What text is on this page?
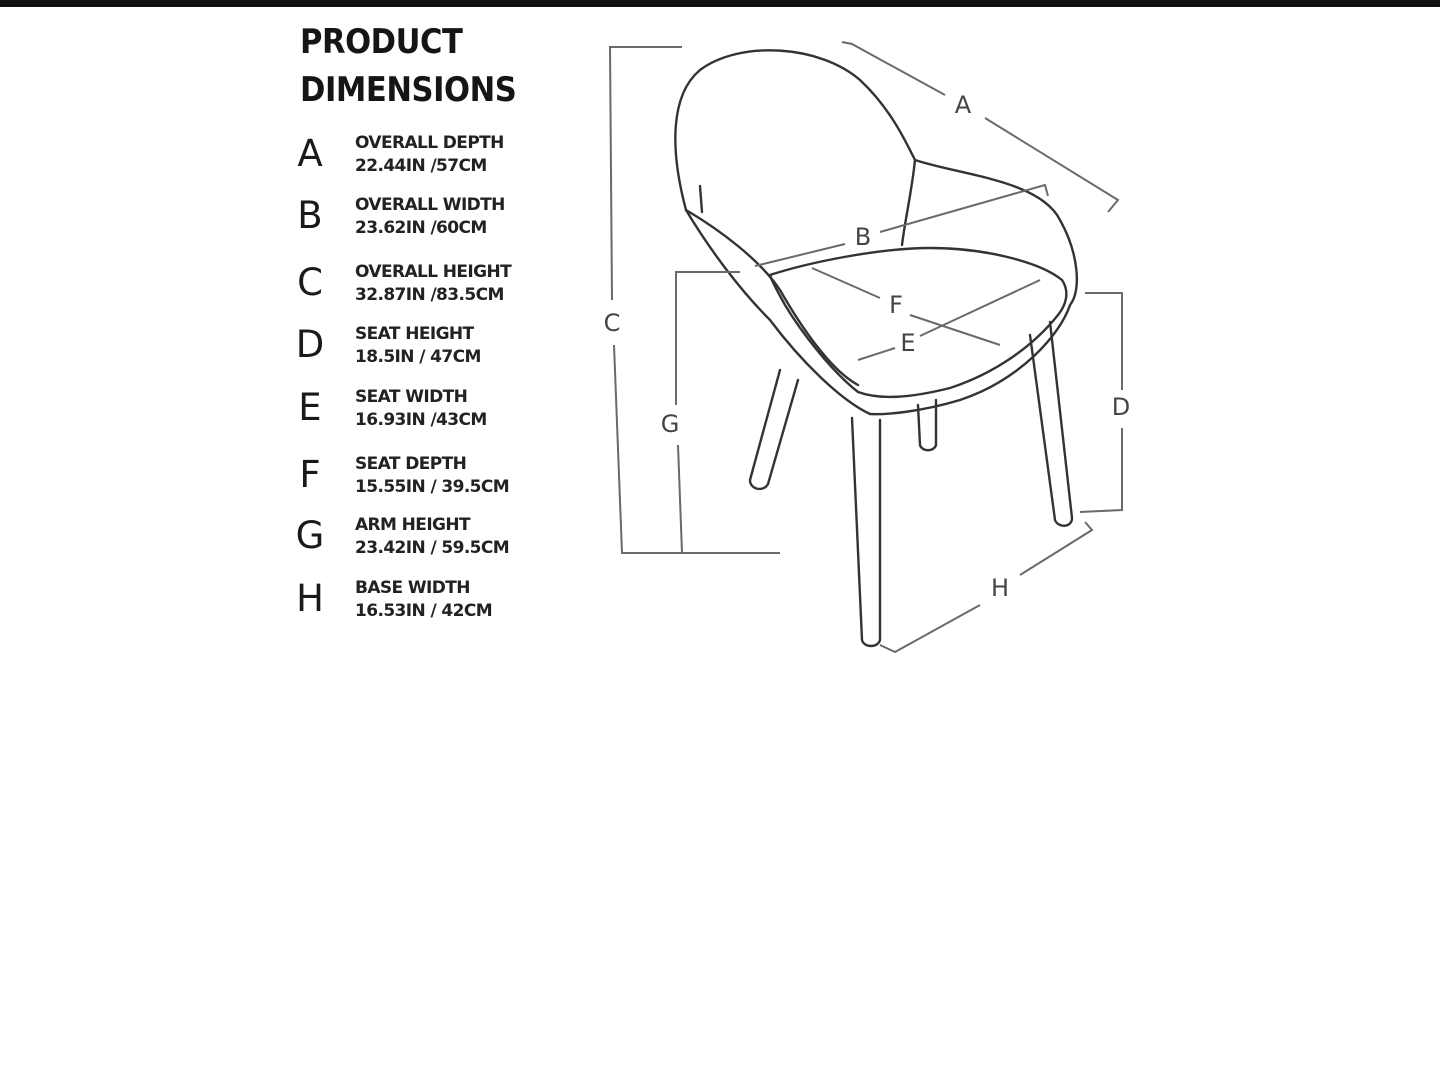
PRODUCT
DIMENSIONS
A	OVERALL DEPTH
22.44IN /57CM
B	OVERALL WIDTH
23.62IN /60CM
C	OVERALL HEIGHT
32.87IN /83.5CM
D	SEAT HEIGHT
18.5IN / 47CM
E	SEAT WIDTH
16.93IN /43CM
F	SEAT DEPTH
15.55IN / 39.5CM
G	ARM HEIGHT
23.42IN / 59.5CM
H	BASE WIDTH
16.53IN / 42CM
A
B
C
D
E
F
G
H
